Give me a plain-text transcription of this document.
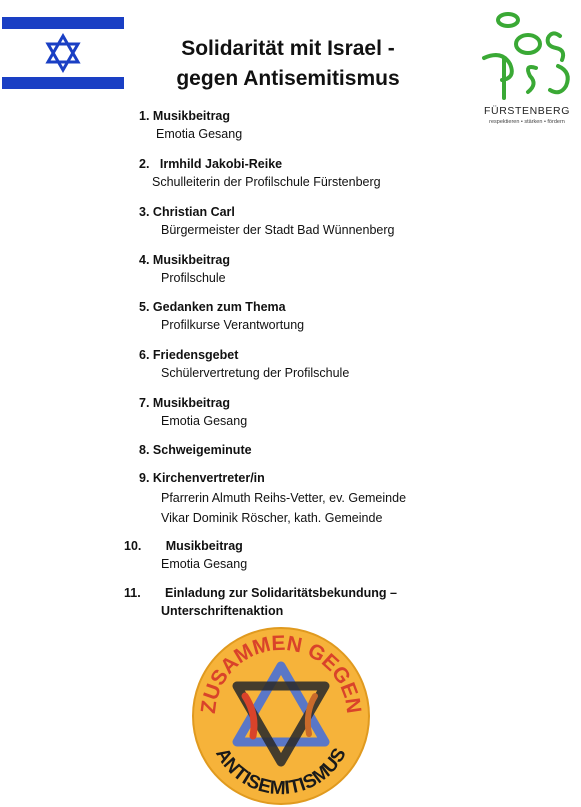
Solidarität mit Israel -
gegen Antisemitismus
FÜRSTENBERG
respektieren • stärken • fördern
1. Musikbeitrag
Emotia Gesang
2. Irmhild Jakobi-Reike
Schulleiterin der Profilschule Fürstenberg
3. Christian Carl
Bürgermeister der Stadt Bad Wünnenberg
4. Musikbeitrag
Profilschule
5. Gedanken zum Thema
Profilkurse Verantwortung
6. Friedensgebet
Schülervertretung der Profilschule
7. Musikbeitrag
Emotia Gesang
8. Schweigeminute
9. Kirchenvertreter/in
Pfarrerin Almuth Reihs-Vetter, ev. Gemeinde
Vikar Dominik Röscher, kath. Gemeinde
10. Musikbeitrag
Emotia Gesang
11. Einladung zur Solidaritätsbekundung –
Unterschriftenaktion
ZUSAMMEN GEGEN
ANTISEMITISMUS
